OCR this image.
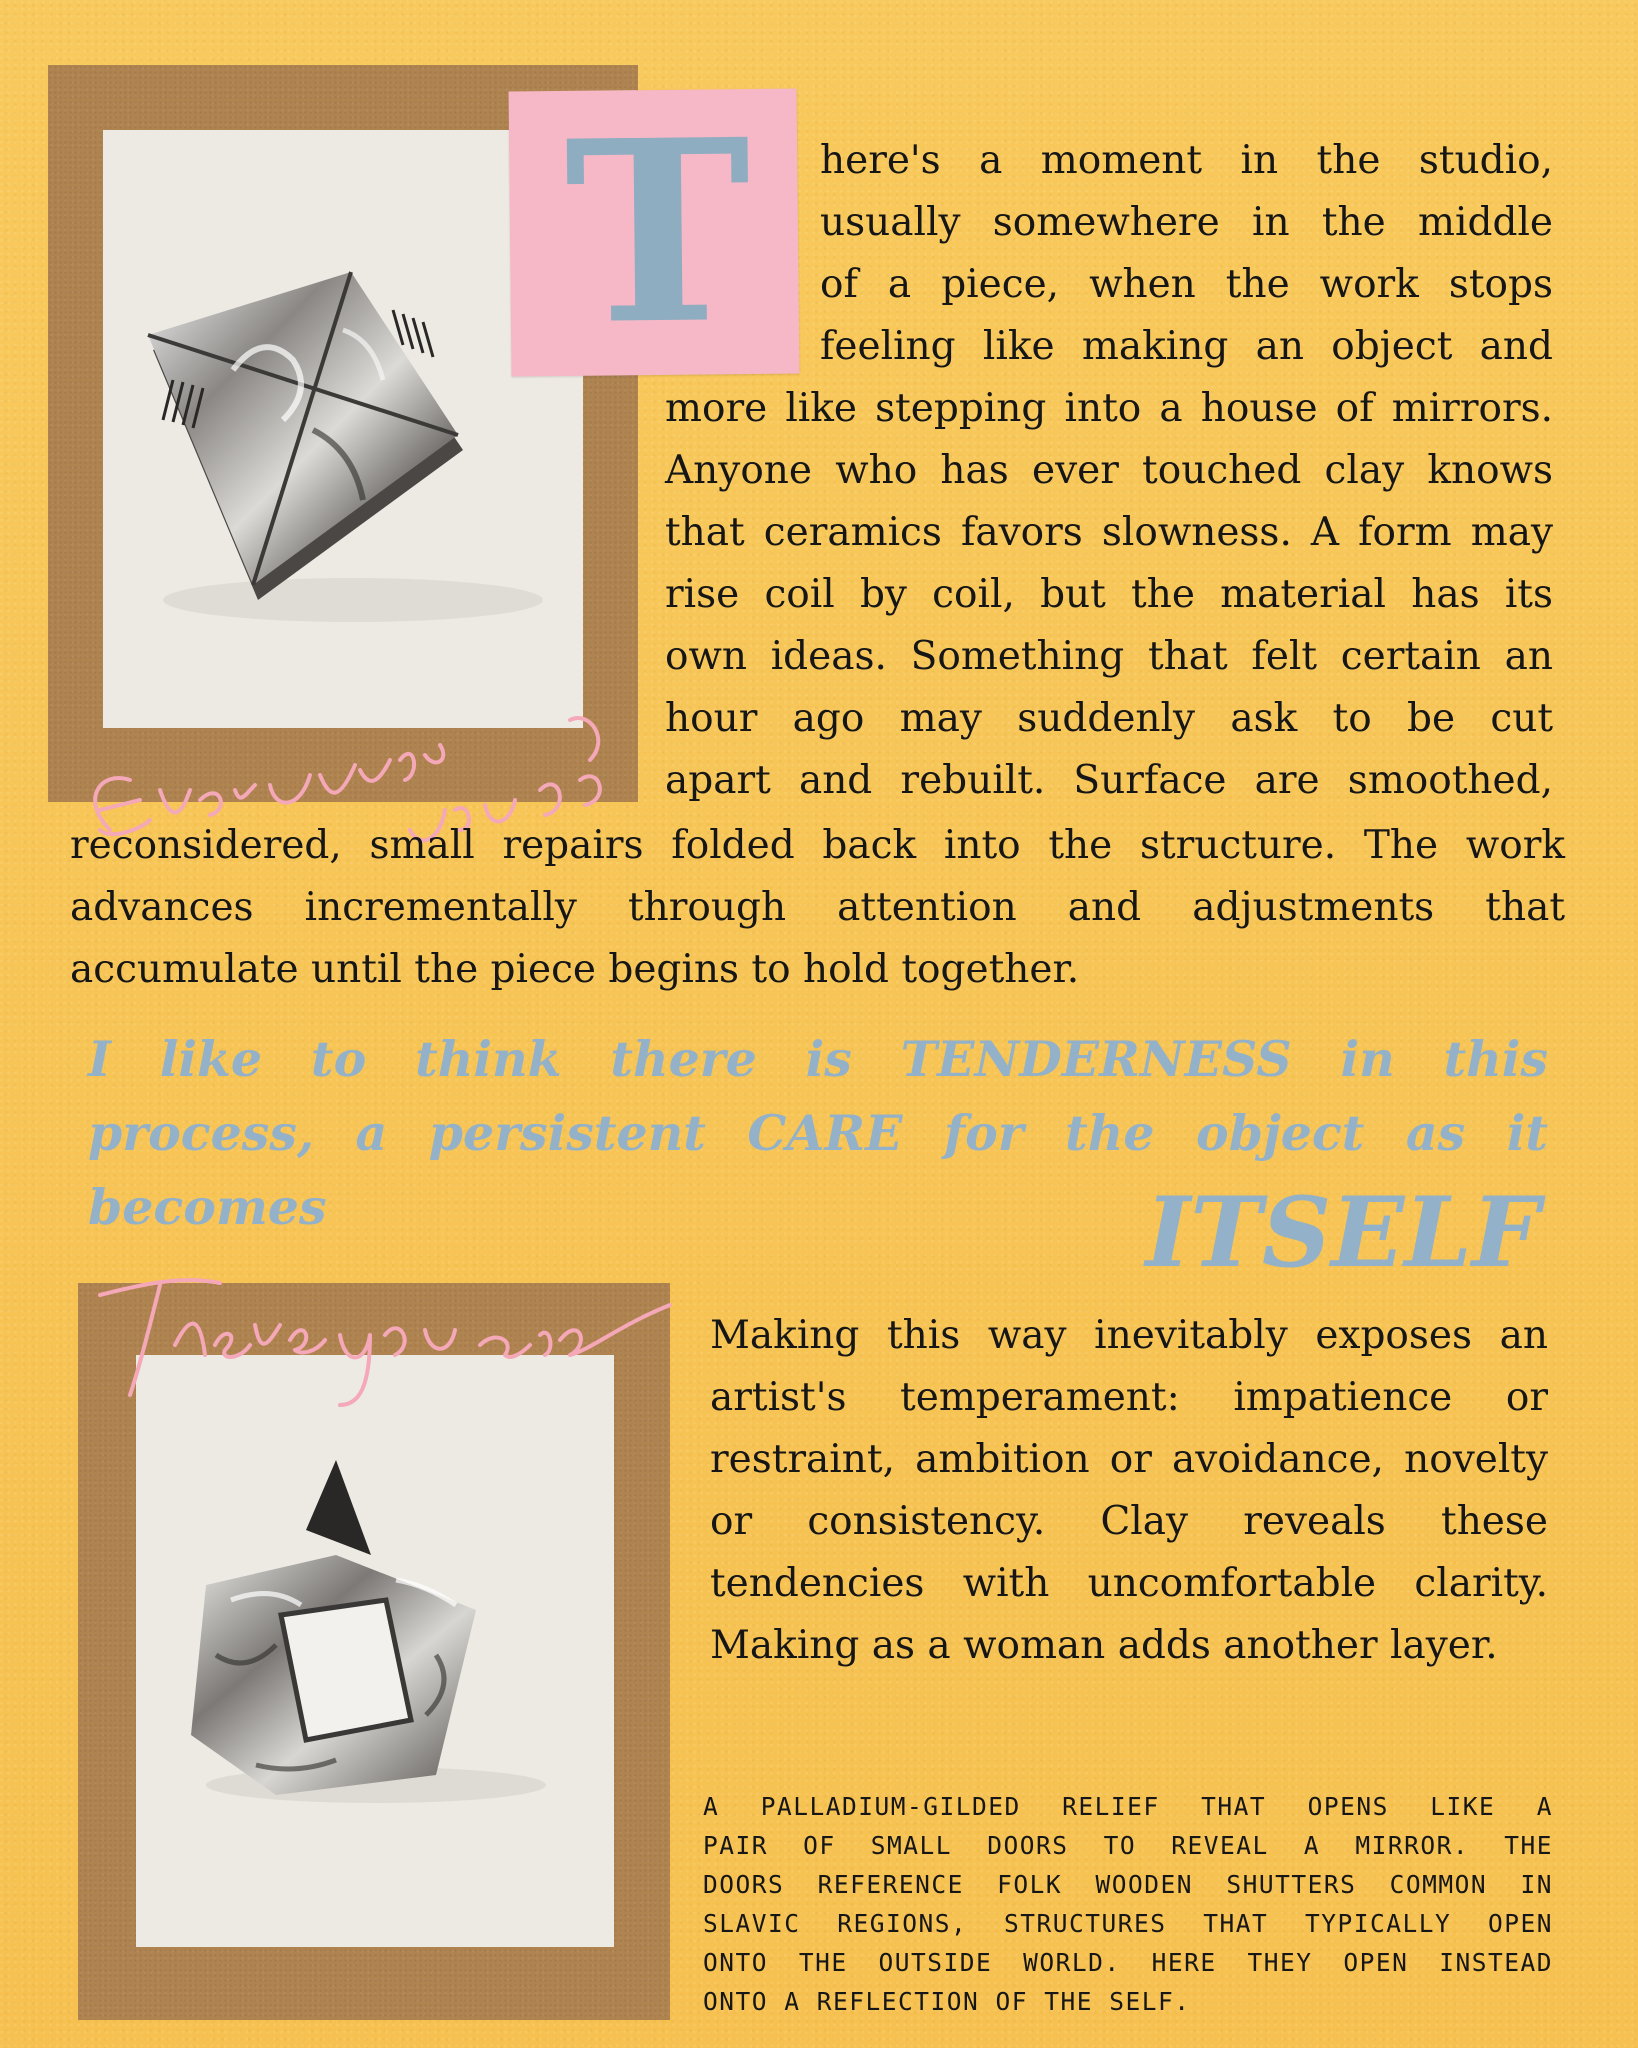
T	here's a moment in the studio,
usually somewhere in the middle
of a piece, when the work stops
feeling like making an object and

more like stepping into a house of mirrors.
Anyone who has ever touched clay knows
that ceramics favors slowness. A form may
rise coil by coil, but the material has its
own ideas. Something that felt certain an
hour ago may suddenly ask to be cut
apart and rebuilt. Surface are smoothed,

reconsidered, small repairs folded back into the structure. The work
advances incrementally through attention and adjustments that

accumulate until the piece begins to hold together.

I like to think there is TENDERNESS in this
process, a persistent CARE for the object as it

becomes	ITSELF

Making this way inevitably exposes an
artist's temperament: impatience or
restraint, ambition or avoidance, novelty
or consistency. Clay reveals these
tendencies with uncomfortable clarity.

Making as a woman adds another layer.

A PALLADIUM-GILDED RELIEF THAT OPENS LIKE A
PAIR OF SMALL DOORS TO REVEAL A MIRROR. THE
DOORS REFERENCE FOLK WOODEN SHUTTERS COMMON IN
SLAVIC REGIONS, STRUCTURES THAT TYPICALLY OPEN
ONTO THE OUTSIDE WORLD. HERE THEY OPEN INSTEAD

ONTO A REFLECTION OF THE SELF.
